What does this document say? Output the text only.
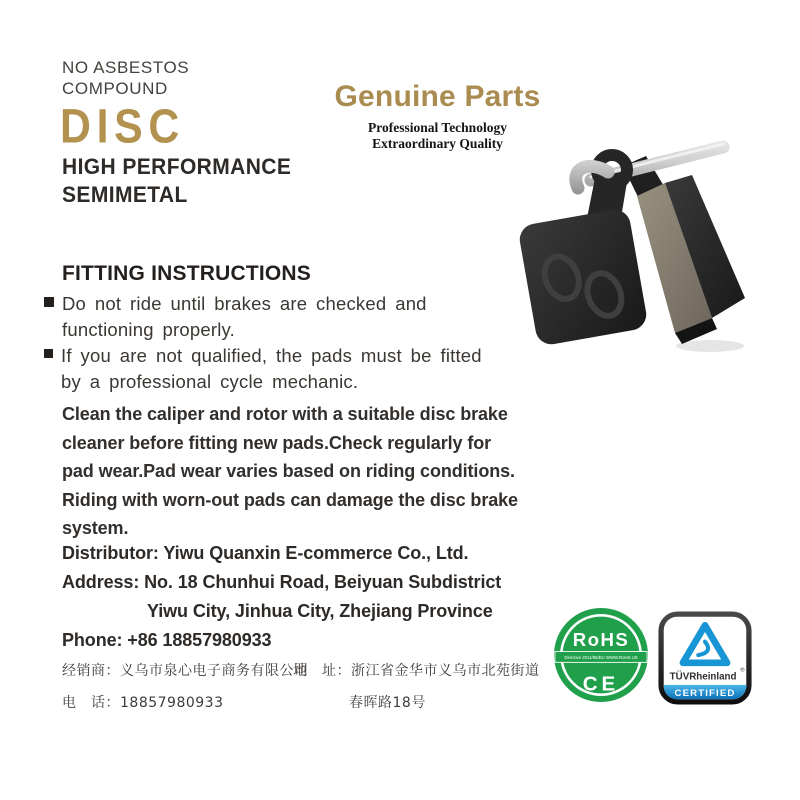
NO ASBESTOS
COMPOUND
DISC
HIGH PERFORMANCE
SEMIMETAL
Genuine Parts
Professional Technology
Extraordinary Quality
FITTING INSTRUCTIONS
Do not ride until brakes are checked and
functioning properly.
If you are not qualified, the pads must be fitted
by a professional cycle mechanic.
Clean the caliper and rotor with a suitable disc brake
cleaner before fitting new pads.Check regularly for
pad wear.Pad wear varies based on riding conditions.
Riding with worn-out pads can damage the disc brake
system.
Distributor: Yiwu Quanxin E-commerce Co., Ltd.
Address: No. 18 Chunhui Road, Beiyuan Subdistrict
Yiwu City, Jinhua City, Zhejiang Province
Phone: +86 18857980933
经销商：义乌市泉心电子商务有限公司
地　址：浙江省金华市义乌市北苑街道
电　话：18857980933	春晖路18号
RoHS
Directive 2011/65/EU WWW.RoHS.US
CE	TÜVRheinland
®
CERTIFIED
